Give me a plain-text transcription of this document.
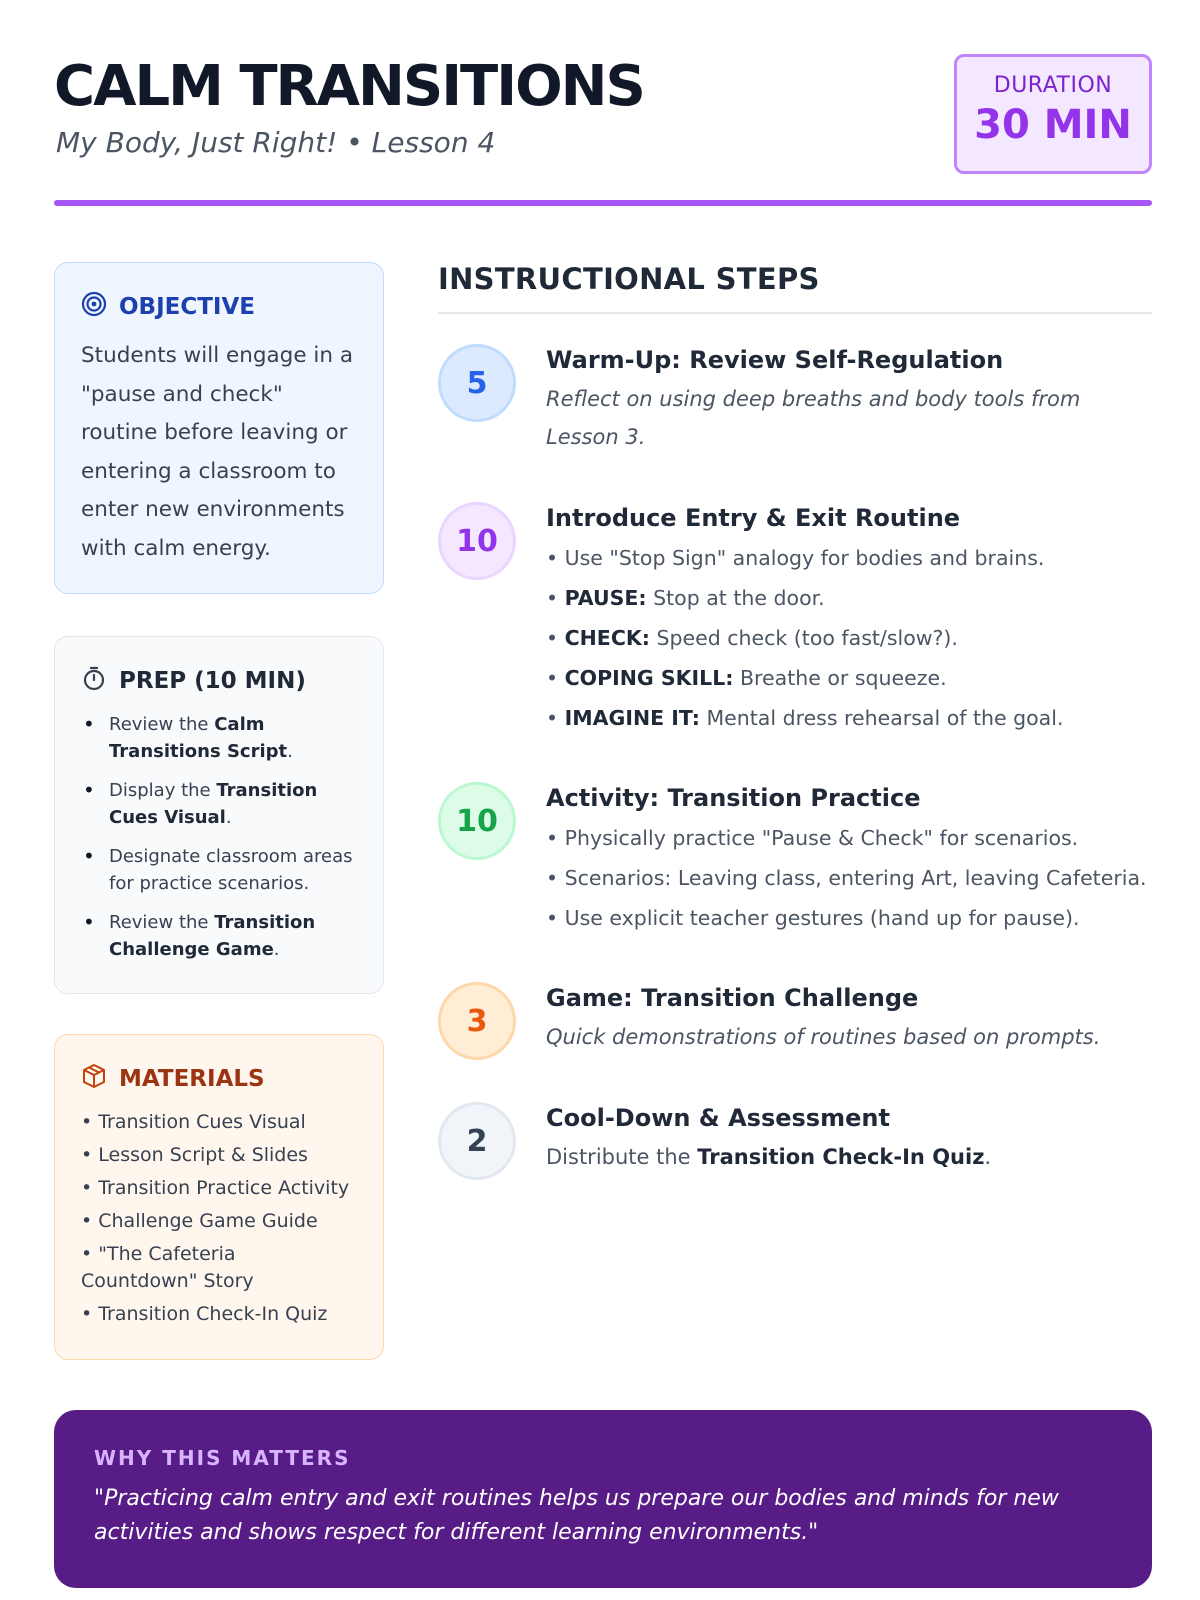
CALM TRANSITIONS
My Body, Just Right! • Lesson 4
DURATION
30 MIN
OBJECTIVE
Students will engage in a "pause and check" routine before leaving or entering a classroom to enter new environments with calm energy.
PREP (10 MIN)
• Review the Calm Transitions Script.
• Display the Transition Cues Visual.
• Designate classroom areas for practice scenarios.
• Review the Transition Challenge Game.
MATERIALS
• Transition Cues Visual
• Lesson Script & Slides
• Transition Practice Activity
• Challenge Game Guide
• "The Cafeteria Countdown" Story
• Transition Check-In Quiz
INSTRUCTIONAL STEPS
5
Warm-Up: Review Self-Regulation
Reflect on using deep breaths and body tools from Lesson 3.
10
Introduce Entry & Exit Routine
• Use "Stop Sign" analogy for bodies and brains.
• PAUSE: Stop at the door.
• CHECK: Speed check (too fast/slow?).
• COPING SKILL: Breathe or squeeze.
• IMAGINE IT: Mental dress rehearsal of the goal.
10
Activity: Transition Practice
• Physically practice "Pause & Check" for scenarios.
• Scenarios: Leaving class, entering Art, leaving Cafeteria.
• Use explicit teacher gestures (hand up for pause).
3
Game: Transition Challenge
Quick demonstrations of routines based on prompts.
2
Cool-Down & Assessment
Distribute the Transition Check-In Quiz.
WHY THIS MATTERS
"Practicing calm entry and exit routines helps us prepare our bodies and minds for new activities and shows respect for different learning environments."
